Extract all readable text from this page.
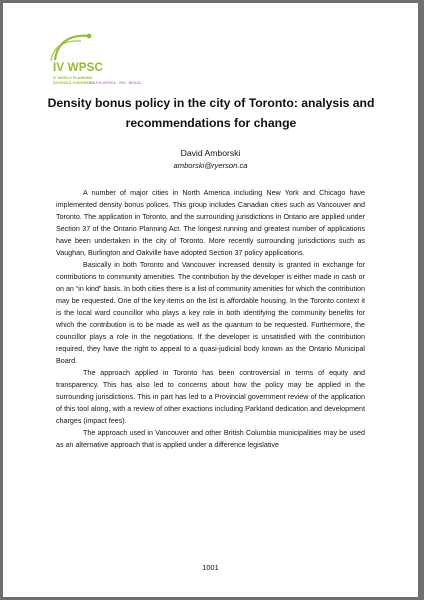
IV WPSC
IV WORLD PLANNING
SCHOOLS CONGRESS
SOUTH AFRICA · RIO · BRAZIL
Density bonus policy in the city of Toronto: analysis and recommendations for change
David Amborski
amborski@ryerson.ca

A number of major cities in North America including New York and Chicago have implemented density bonus polices. This group includes Canadian cities such as Vancouver and Toronto. The application in Toronto, and the surrounding jurisdictions in Ontario are applied under Section 37 of the Ontario Planning Act. The longest running and greatest number of applications have been undertaken in the city of Toronto. More recently surrounding jurisdictions such as Vaughan, Burlington and Oakville have adopted Section 37 policy applications.

Basically in both Toronto and Vancouver increased density is granted in exchange for contributions to community amenities. The contribution by the developer is either made in cash or on an “in kind” basis. In both cities there is a list of community amenities for which the contribution may be requested. One of the key items on the list is affordable housing. In the Toronto context it is the local ward councillor who plays a key role in both identifying the community benefits for which the contribution is to be made as well as the quantum to be requested. Furthermore, the councillor plays a role in the negotiations. If the developer is unsatisfied with the contribution required, they have the right to appeal to a quasi-judicial body known as the Ontario Municipal Board.

The approach applied in Toronto has been controversial in terms of equity and transparency. This has also led to concerns about how the policy may be applied in the surrounding jurisdictions. This in part has led to a Provincial government review of the application of this tool along, with a review of other exactions including Parkland dedication and development charges (impact fees).

The approach used in Vancouver and other British Columbia municipalities may be used as an alternative approach that is applied under a difference legislative

1001
